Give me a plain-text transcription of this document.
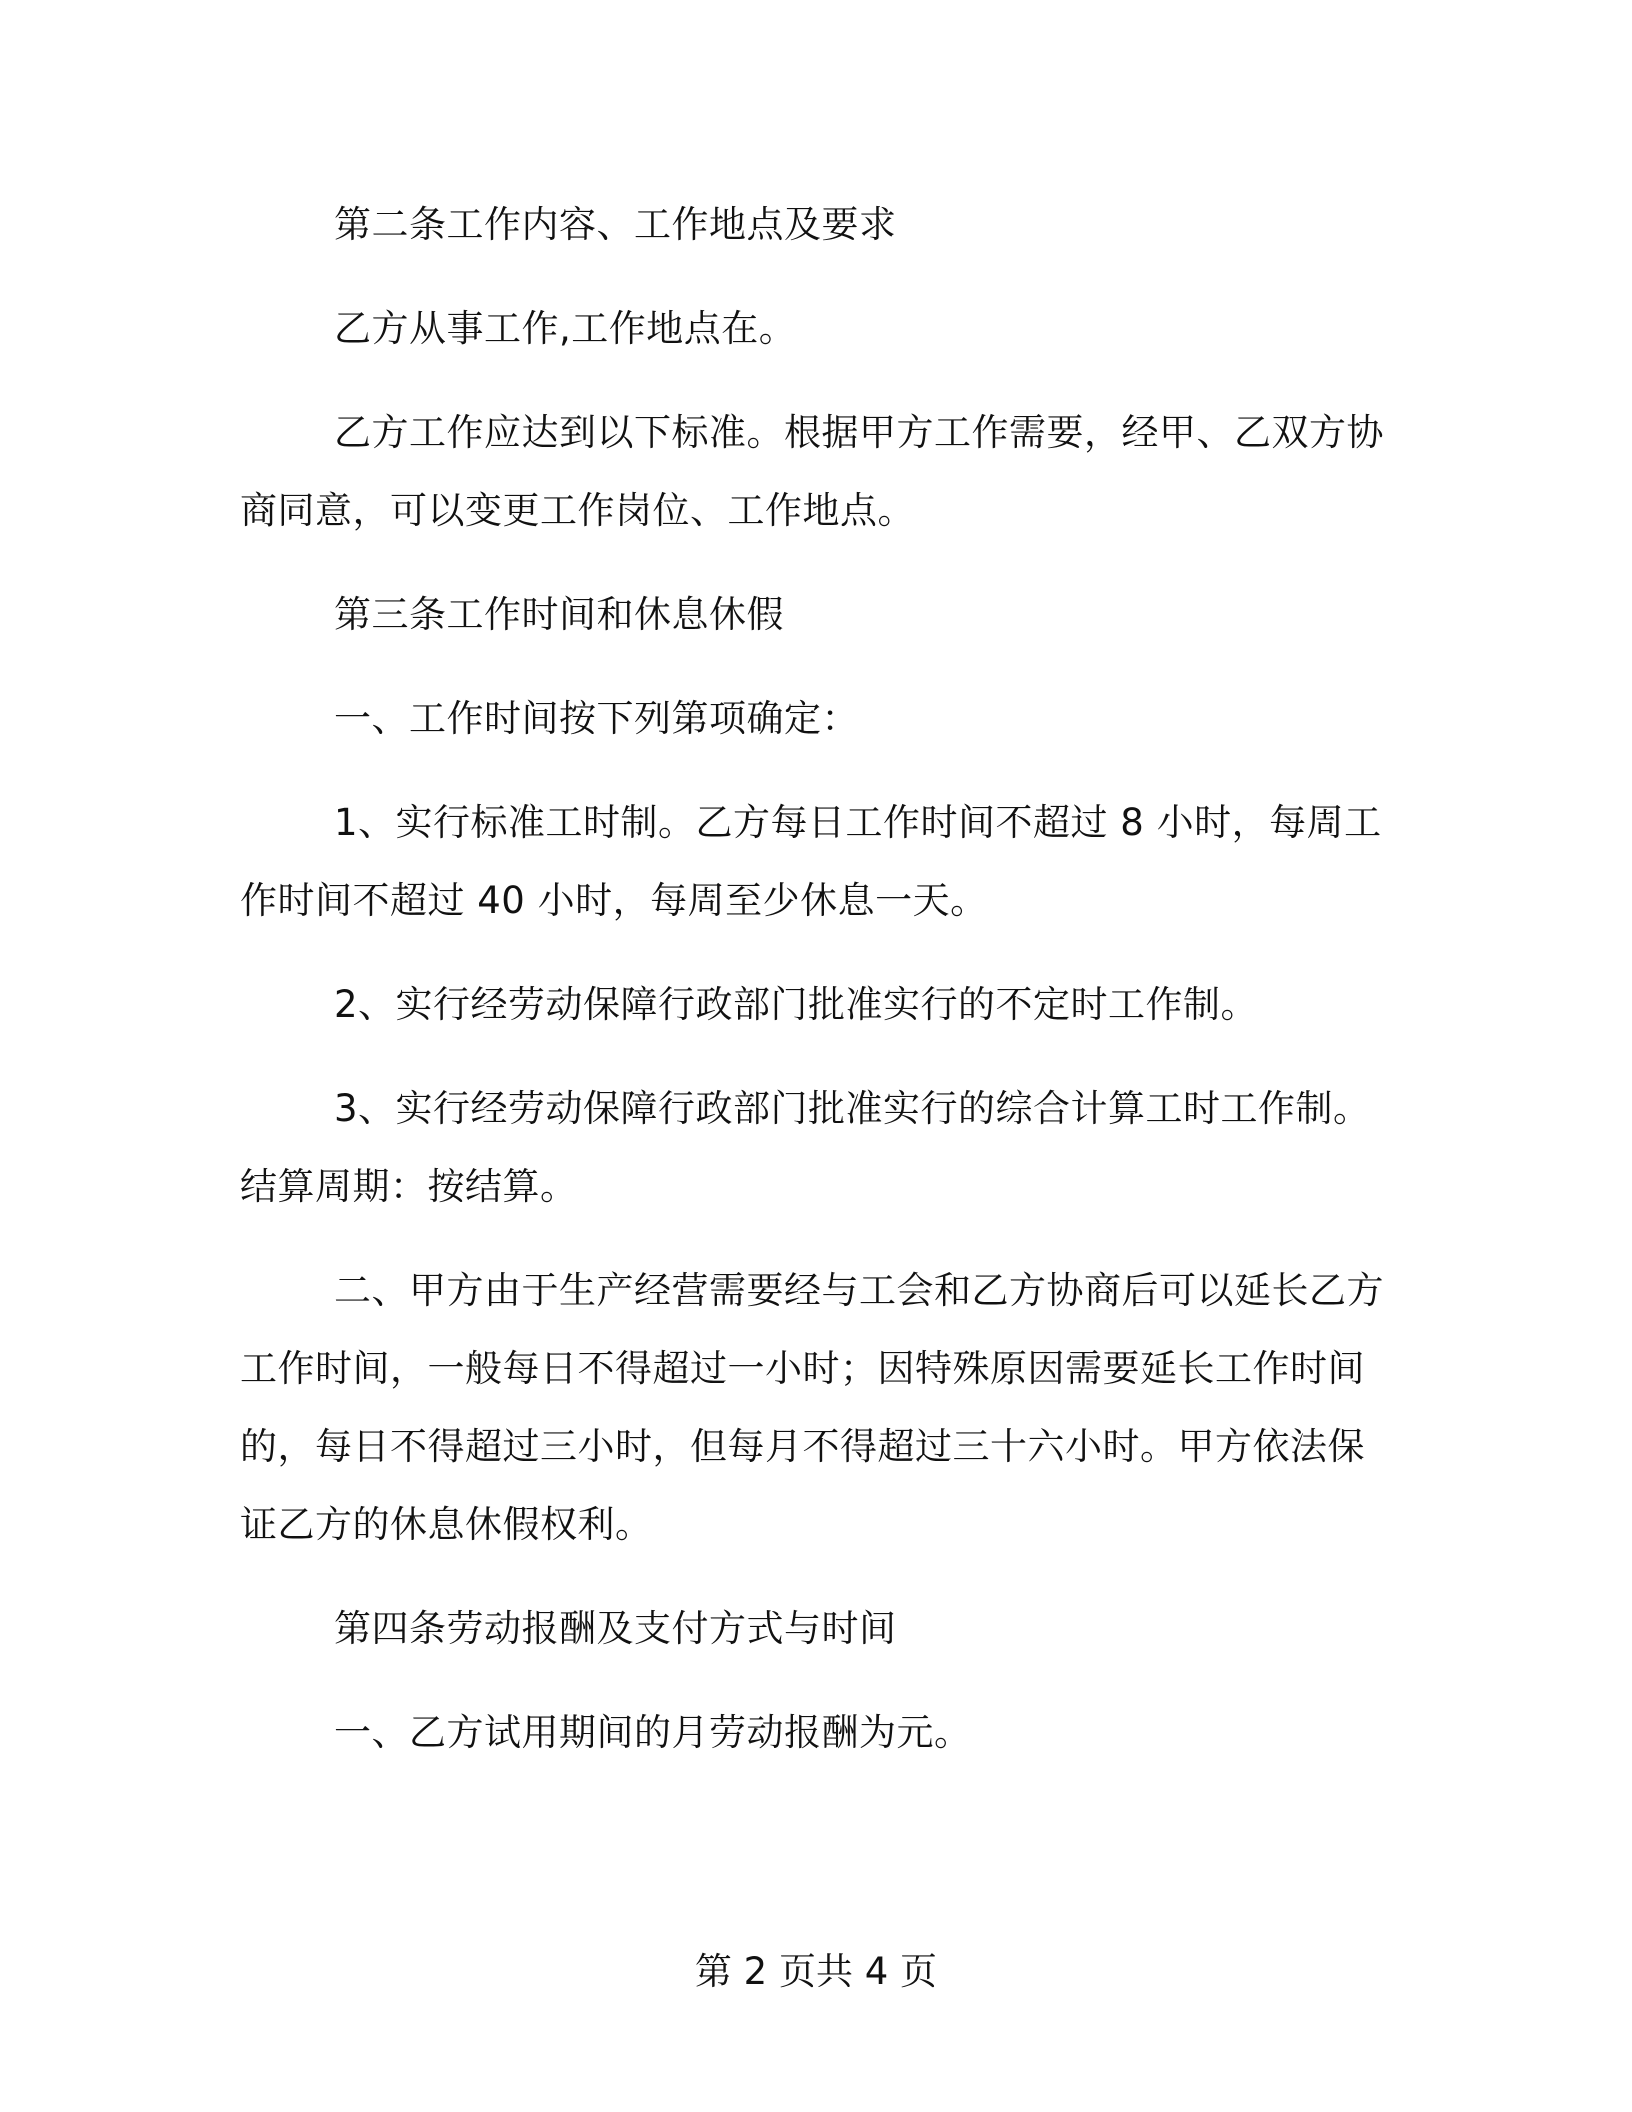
第二条工作内容、工作地点及要求

乙方从事工作,工作地点在。

乙方工作应达到以下标准。根据甲方工作需要，经甲、乙双方协商同意，可以变更工作岗位、工作地点。

第三条工作时间和休息休假

一、工作时间按下列第项确定：

1、实行标准工时制。乙方每日工作时间不超过 8 小时，每周工作时间不超过 40 小时，每周至少休息一天。

2、实行经劳动保障行政部门批准实行的不定时工作制。

3、实行经劳动保障行政部门批准实行的综合计算工时工作制。结算周期：按结算。

二、甲方由于生产经营需要经与工会和乙方协商后可以延长乙方工作时间，一般每日不得超过一小时；因特殊原因需要延长工作时间的，每日不得超过三小时，但每月不得超过三十六小时。甲方依法保证乙方的休息休假权利。

第四条劳动报酬及支付方式与时间

一、乙方试用期间的月劳动报酬为元。

第 2 页共 4 页
